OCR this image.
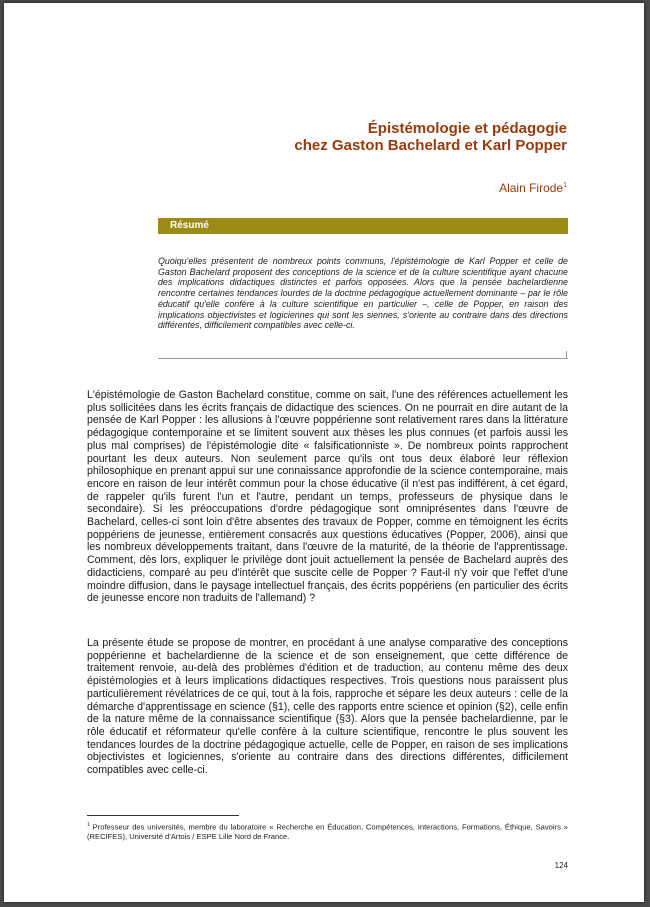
Épistémologie et pédagogie
chez Gaston Bachelard et Karl Popper
Alain Firode$^1$
Résumé
Quoiqu'elles présentent de nombreux points communs, l'épistémologie de Karl Popper et celle de Gaston Bachelard proposent des conceptions de la science et de la culture scientifique ayant chacune des implications didactiques distinctes et parfois opposées. Alors que la pensée bachelardienne rencontre certaines tendances lourdes de la doctrine pédagogique actuellement dominante – par le rôle éducatif qu'elle confère à la culture scientifique en particulier –, celle de Popper, en raison des implications objectivistes et logiciennes qui sont les siennes, s'oriente au contraire dans des directions différentes, difficilement compatibles avec celle-ci.
L'épistémologie de Gaston Bachelard constitue, comme on sait, l'une des références actuellement les plus sollicitées dans les écrits français de didactique des sciences. On ne pourrait en dire autant de la pensée de Karl Popper : les allusions à l'œuvre poppérienne sont relativement rares dans la littérature pédagogique contemporaine et se limitent souvent aux thèses les plus connues (et parfois aussi les plus mal comprises) de l'épistémologie dite « falsificationniste ». De nombreux points rapprochent pourtant les deux auteurs. Non seulement parce qu'ils ont tous deux élaboré leur réflexion philosophique en prenant appui sur une connaissance approfondie de la science contemporaine, mais encore en raison de leur intérêt commun pour la chose éducative (il n'est pas indifférent, à cet égard, de rappeler qu'ils furent l'un et l'autre, pendant un temps, professeurs de physique dans le secondaire). Si les préoccupations d'ordre pédagogique sont omniprésentes dans l'œuvre de Bachelard, celles-ci sont loin d'être absentes des travaux de Popper, comme en témoignent les écrits poppériens de jeunesse, entièrement consacrés aux questions éducatives (Popper, 2006), ainsi que les nombreux développements traitant, dans l'œuvre de la maturité, de la théorie de l'apprentissage. Comment, dès lors, expliquer le privilège dont jouit actuellement la pensée de Bachelard auprès des didacticiens, comparé au peu d'intérêt que suscite celle de Popper ? Faut-il n'y voir que l'effet d'une moindre diffusion, dans le paysage intellectuel français, des écrits poppériens (en particulier des écrits de jeunesse encore non traduits de l'allemand) ?
La présente étude se propose de montrer, en procédant à une analyse comparative des conceptions poppérienne et bachelardienne de la science et de son enseignement, que cette différence de traitement renvoie, au-delà des problèmes d'édition et de traduction, au contenu même des deux épistémologies et à leurs implications didactiques respectives. Trois questions nous paraissent plus particulièrement révélatrices de ce qui, tout à la fois, rapproche et sépare les deux auteurs : celle de la démarche d'apprentissage en science (§1), celle des rapports entre science et opinion (§2), celle enfin de la nature même de la connaissance scientifique (§3). Alors que la pensée bachelardienne, par le rôle éducatif et réformateur qu'elle confère à la culture scientifique, rencontre le plus souvent les tendances lourdes de la doctrine pédagogique actuelle, celle de Popper, en raison de ses implications objectivistes et logiciennes, s'oriente au contraire dans des directions différentes, difficilement compatibles avec celle-ci.
$^1$ Professeur des universités, membre du laboratoire « Recherche en Éducation, Compétences, Interactions, Formations, Éthique, Savoirs » (RECIFES), Université d'Artois / ESPE Lille Nord de France.
124
